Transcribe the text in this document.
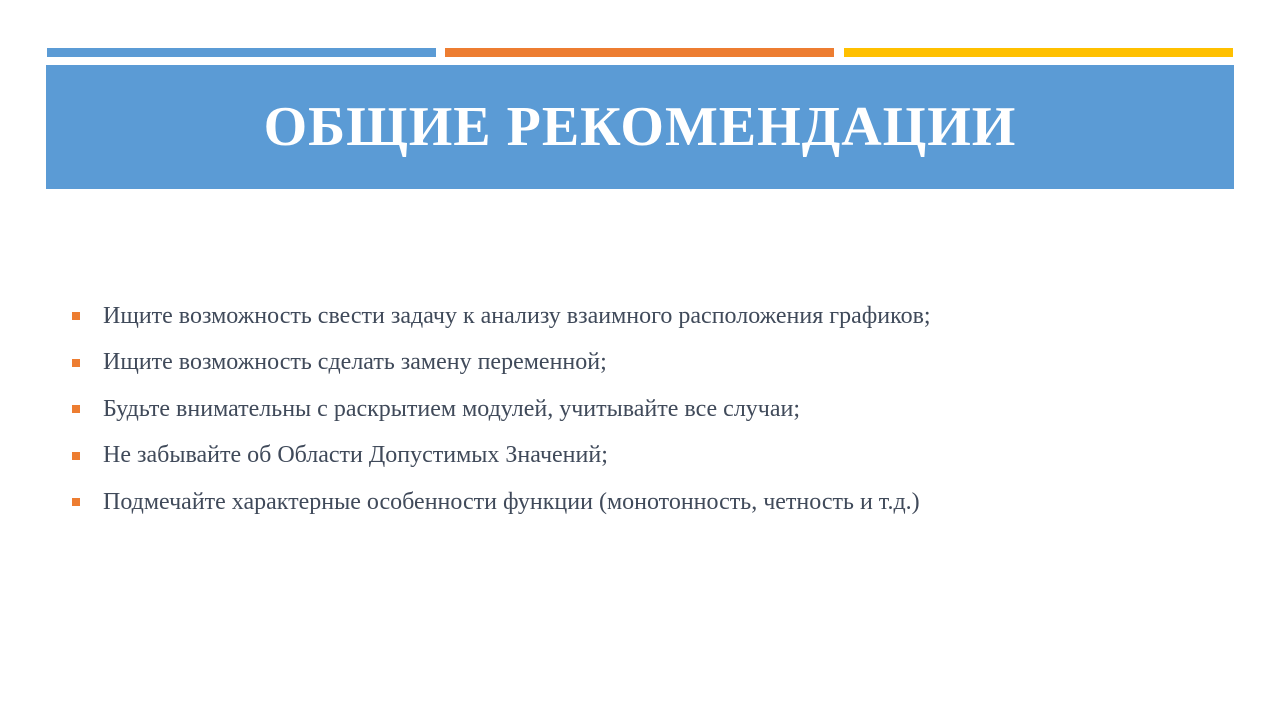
ОБЩИЕ РЕКОМЕНДАЦИИ
Ищите возможность свести задачу к анализу взаимного расположения графиков;
Ищите возможность сделать замену переменной;
Будьте внимательны с раскрытием модулей, учитывайте все случаи;
Не забывайте об Области Допустимых Значений;
Подмечайте характерные особенности функции (монотонность, четность и т.д.)
